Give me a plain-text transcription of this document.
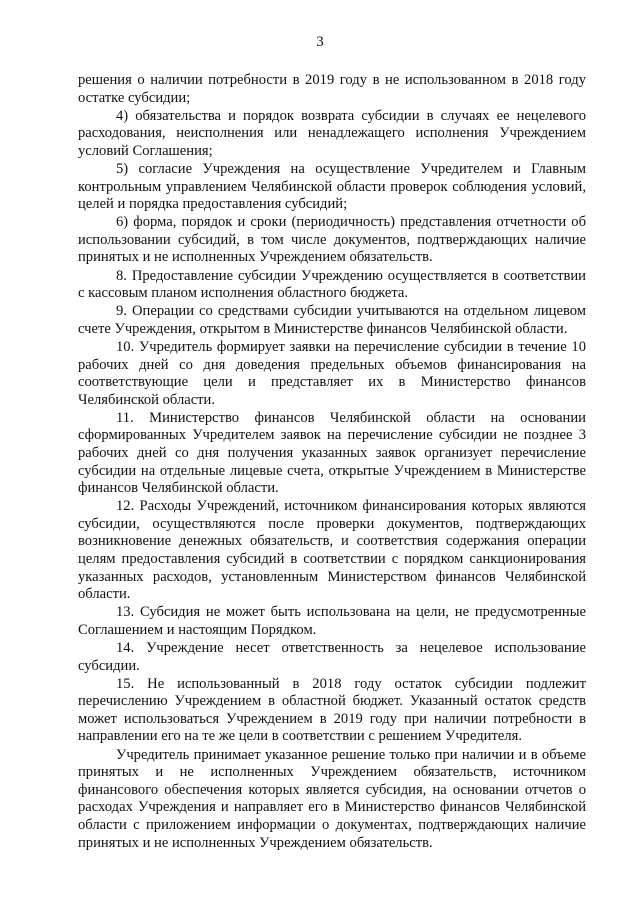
3

решения о наличии потребности в 2019 году в не использованном в 2018 году остатке субсидии;

4) обязательства и порядок возврата субсидии в случаях ее нецелевого расходования, неисполнения или ненадлежащего исполнения Учреждением условий Соглашения;

5) согласие Учреждения на осуществление Учредителем и Главным контрольным управлением Челябинской области проверок соблюдения условий, целей и порядка предоставления субсидий;

6) форма, порядок и сроки (периодичность) представления отчетности об использовании субсидий, в том числе документов, подтверждающих наличие принятых и не исполненных Учреждением обязательств.

8. Предоставление субсидии Учреждению осуществляется в соответствии с кассовым планом исполнения областного бюджета.

9. Операции со средствами субсидии учитываются на отдельном лицевом счете Учреждения, открытом в Министерстве финансов Челябинской области.

10. Учредитель формирует заявки на перечисление субсидии в течение 10 рабочих дней со дня доведения предельных объемов финансирования на соответствующие цели и представляет их в Министерство финансов Челябинской области.

11. Министерство финансов Челябинской области на основании сформированных Учредителем заявок на перечисление субсидии не позднее 3 рабочих дней со дня получения указанных заявок организует перечисление субсидии на отдельные лицевые счета, открытые Учреждением в Министерстве финансов Челябинской области.

12. Расходы Учреждений, источником финансирования которых являются субсидии, осуществляются после проверки документов, подтверждающих возникновение денежных обязательств, и соответствия содержания операции целям предоставления субсидий в соответствии с порядком санкционирования указанных расходов, установленным Министерством финансов Челябинской области.

13. Субсидия не может быть использована на цели, не предусмотренные Соглашением и настоящим Порядком.

14. Учреждение несет ответственность за нецелевое использование субсидии.

15. Не использованный в 2018 году остаток субсидии подлежит перечислению Учреждением в областной бюджет. Указанный остаток средств может использоваться Учреждением в 2019 году при наличии потребности в направлении его на те же цели в соответствии с решением Учредителя.

Учредитель принимает указанное решение только при наличии и в объеме принятых и не исполненных Учреждением обязательств, источником финансового обеспечения которых является субсидия, на основании отчетов о расходах Учреждения и направляет его в Министерство финансов Челябинской области с приложением информации о документах, подтверждающих наличие принятых и не исполненных Учреждением обязательств.
